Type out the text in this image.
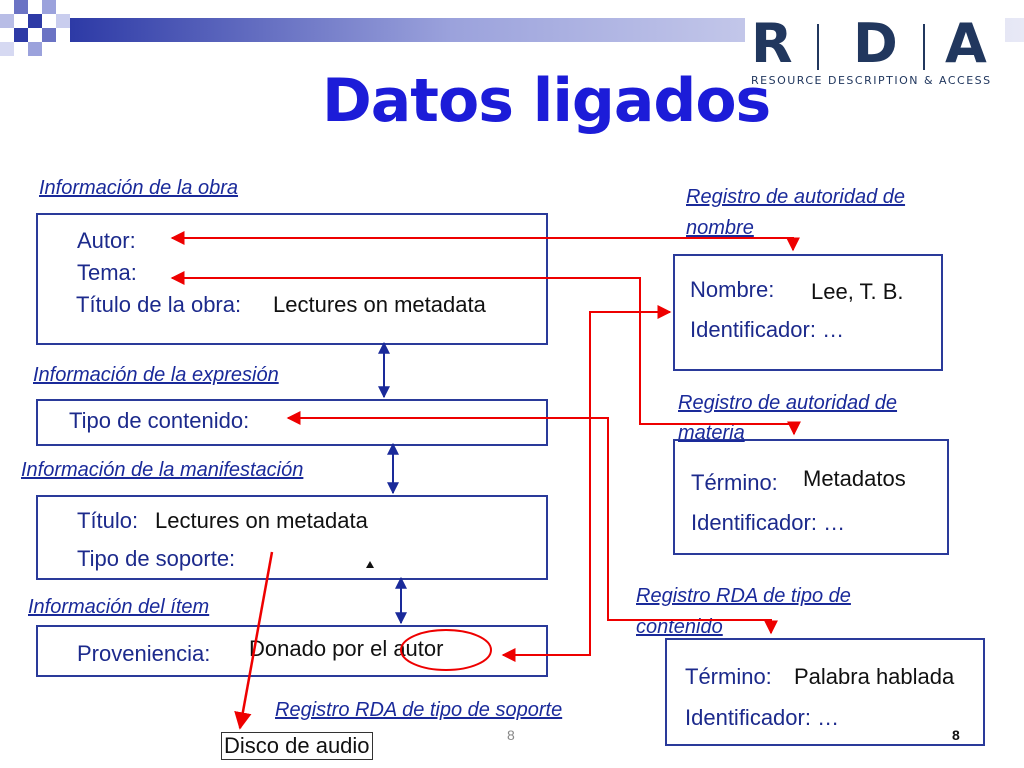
R D A
RESOURCE DESCRIPTION & ACCESS
Datos ligados
Información de la obra
Información de la expresión
Información de la manifestación
Información del ítem
Registro de autoridad de
nombre
Registro de autoridad de
materia
Registro RDA de tipo de
contenido
Registro RDA de tipo de soporte
Autor:
Tema:
Título de la obra: Lectures on metadata
Tipo de contenido:
Título: Lectures on metadata
Tipo de soporte:
Proveniencia: Donado por el autor
Nombre: Lee, T. B.
Identificador: …
Término: Metadatos
Identificador: …
Término: Palabra hablada
Identificador: …
Disco de audio	8	8
